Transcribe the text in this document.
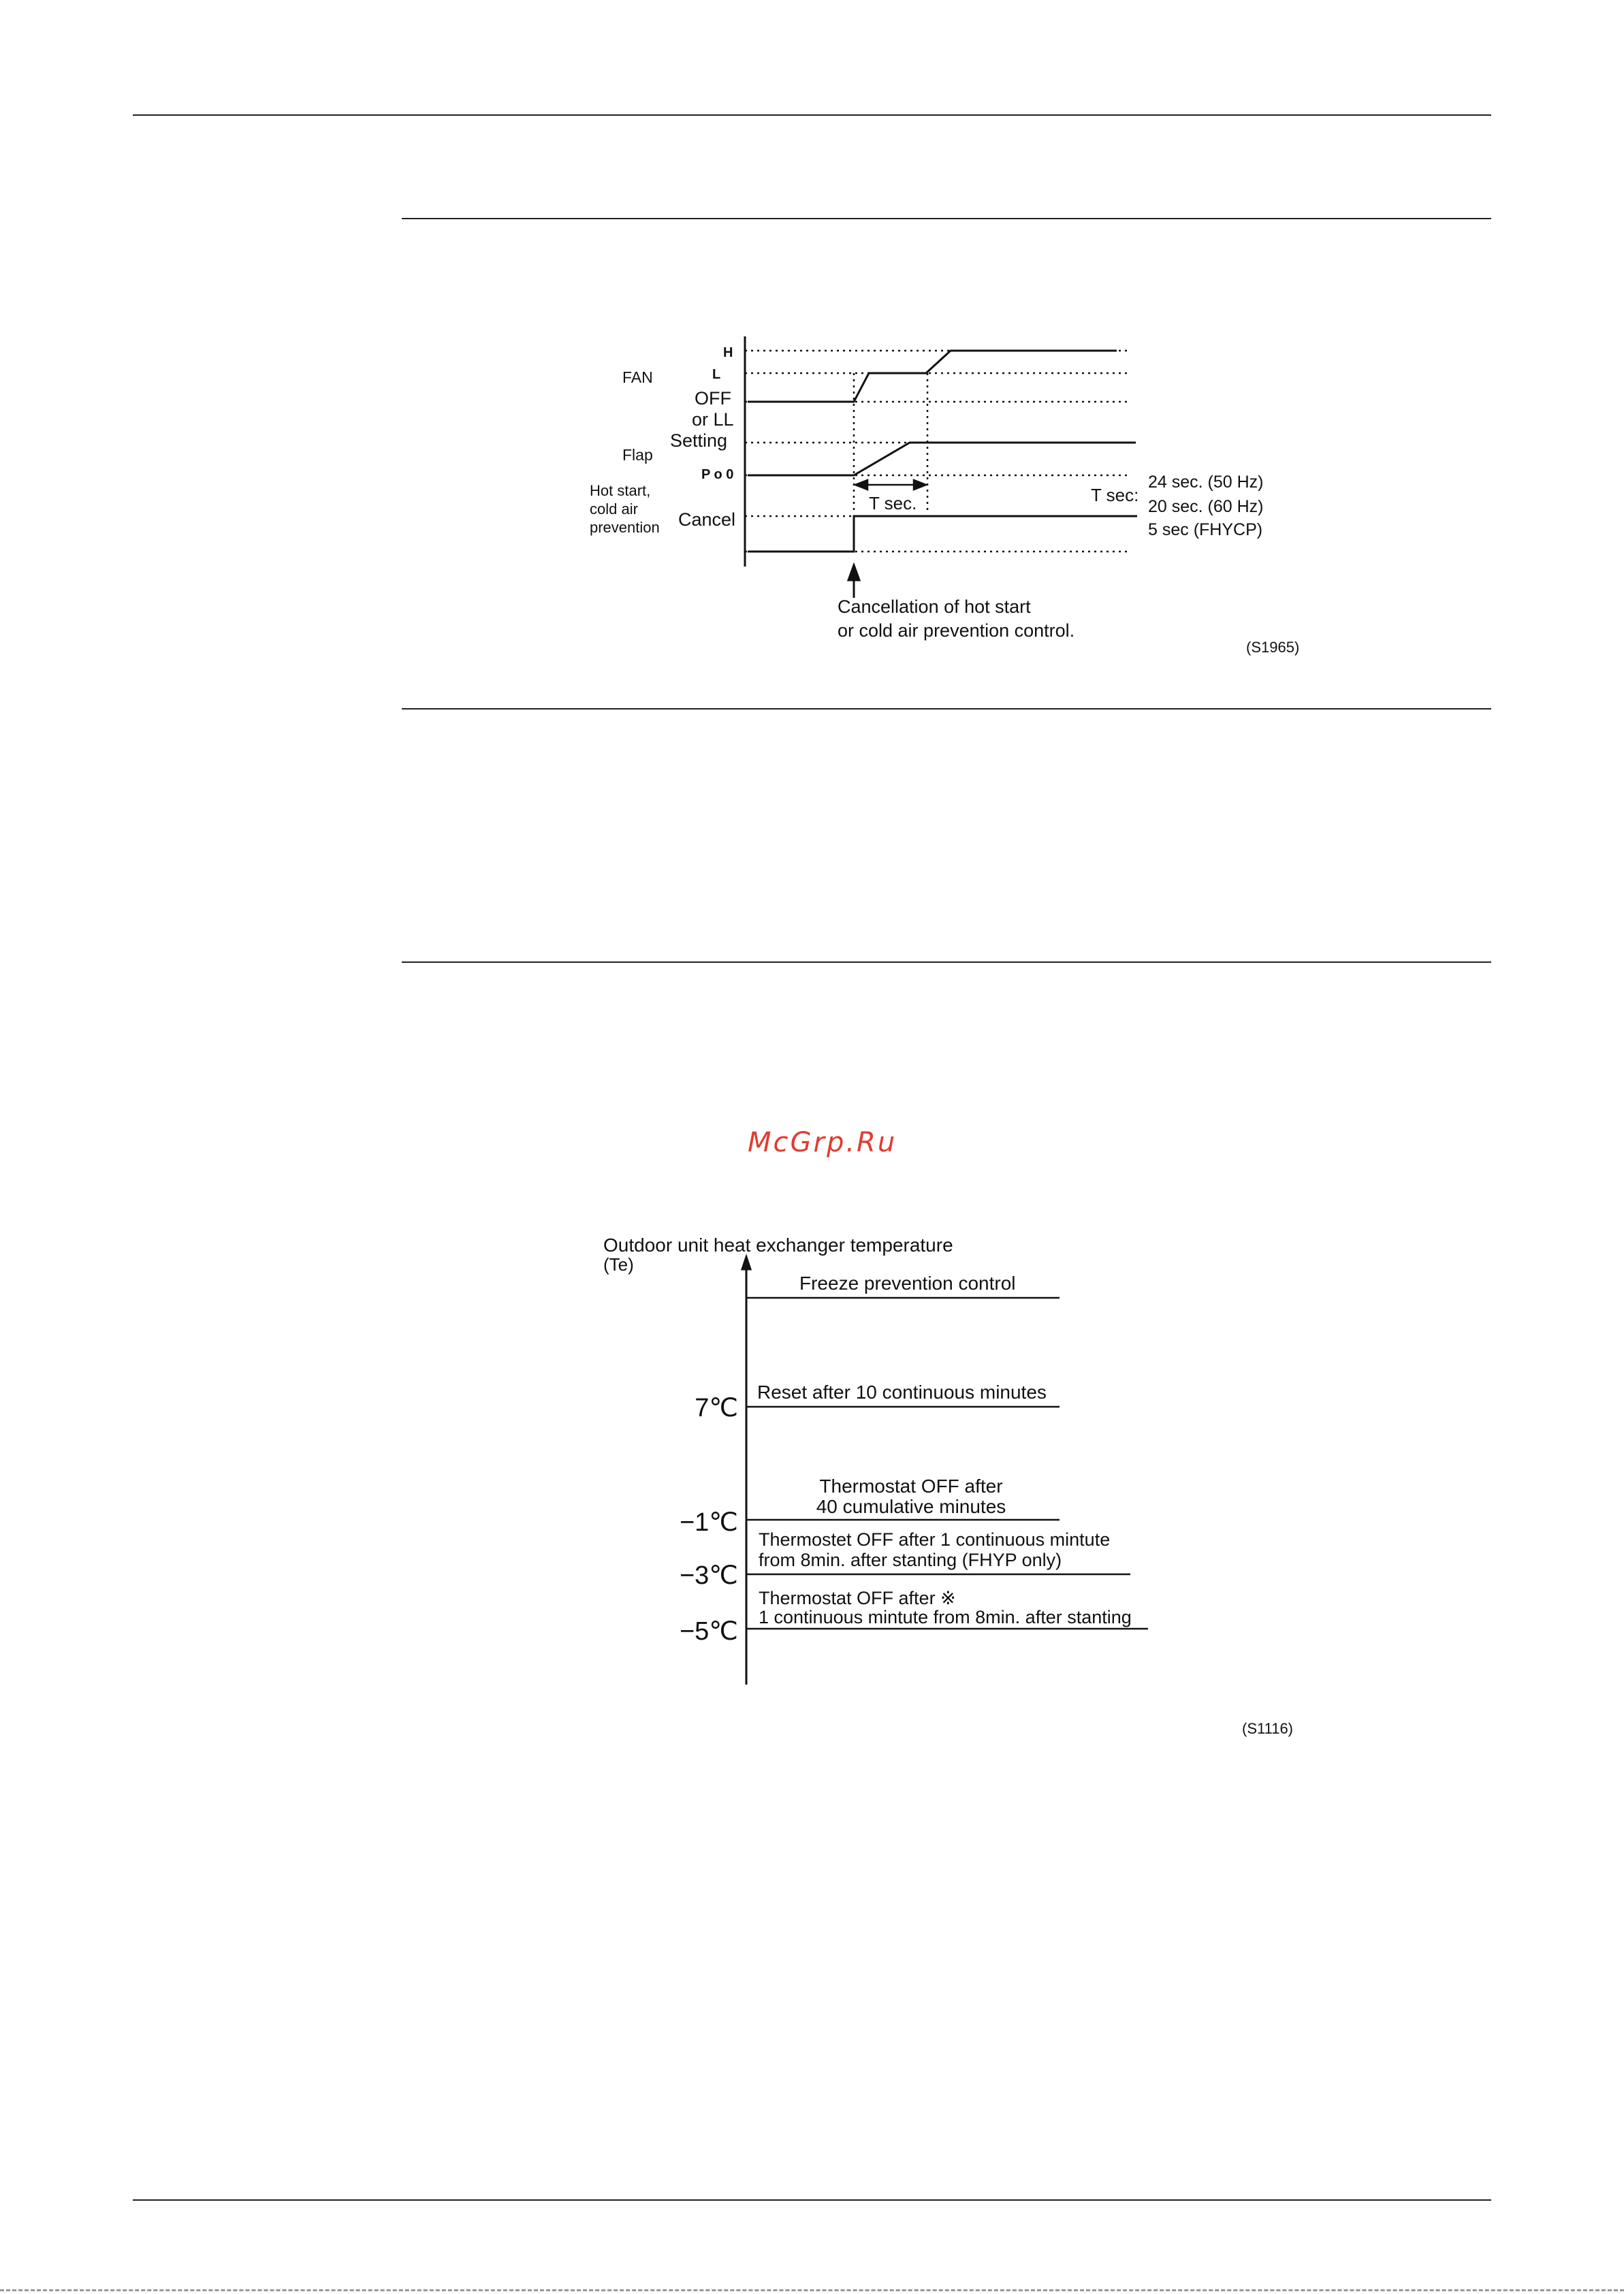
H
L
FAN
OFF
or LL
Setting
Flap
P o 0
Hot start,
cold air
prevention Cancel
T sec.	T sec:
24 sec. (50 Hz)
20 sec. (60 Hz)
5 sec (FHYCP)
Cancellation of hot start
or cold air prevention control.
(S1965)
McGrp.Ru
Outdoor unit heat exchanger temperature
(Te)
Freeze prevention control
Reset after 10 continuous minutes
7℃
Thermostat OFF after
40 cumulative minutes
−1℃
Thermostet OFF after 1 continuous mintute
from 8min. after stanting (FHYP only)
−3℃
Thermostat OFF after ※
1 continuous mintute from 8min. after stanting
−5℃
(S1116)
